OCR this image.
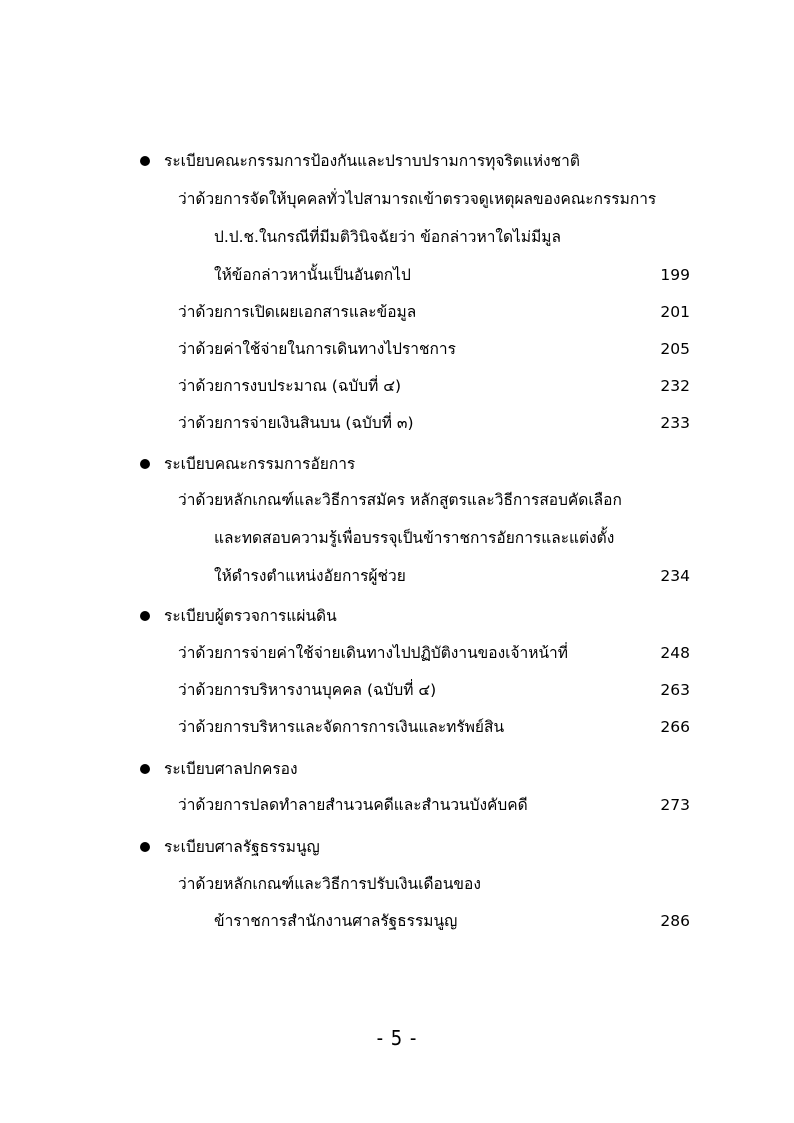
ระเบียบคณะกรรมการป้องกันและปราบปรามการทุจริตแห่งชาติ
ว่าด้วยการจัดให้บุคคลทั่วไปสามารถเข้าตรวจดูเหตุผลของคณะกรรมการ
ป.ป.ช.ในกรณีที่มีมติวินิจฉัยว่า ข้อกล่าวหาใดไม่มีมูล
ให้ข้อกล่าวหานั้นเป็นอันตกไป	199
ว่าด้วยการเปิดเผยเอกสารและข้อมูล	201
ว่าด้วยค่าใช้จ่ายในการเดินทางไปราชการ	205
ว่าด้วยการงบประมาณ (ฉบับที่ ๔)	232
ว่าด้วยการจ่ายเงินสินบน (ฉบับที่ ๓)	233
ระเบียบคณะกรรมการอัยการ
ว่าด้วยหลักเกณฑ์และวิธีการสมัคร หลักสูตรและวิธีการสอบคัดเลือก
และทดสอบความรู้เพื่อบรรจุเป็นข้าราชการอัยการและแต่งตั้ง
ให้ดำรงตำแหน่งอัยการผู้ช่วย	234
ระเบียบผู้ตรวจการแผ่นดิน
ว่าด้วยการจ่ายค่าใช้จ่ายเดินทางไปปฏิบัติงานของเจ้าหน้าที่	248
ว่าด้วยการบริหารงานบุคคล (ฉบับที่ ๔)	263
ว่าด้วยการบริหารและจัดการการเงินและทรัพย์สิน	266
ระเบียบศาลปกครอง
ว่าด้วยการปลดทำลายสำนวนคดีและสำนวนบังคับคดี	273
ระเบียบศาลรัฐธรรมนูญ
ว่าด้วยหลักเกณฑ์และวิธีการปรับเงินเดือนของ
ข้าราชการสำนักงานศาลรัฐธรรมนูญ	286
- 5 -
